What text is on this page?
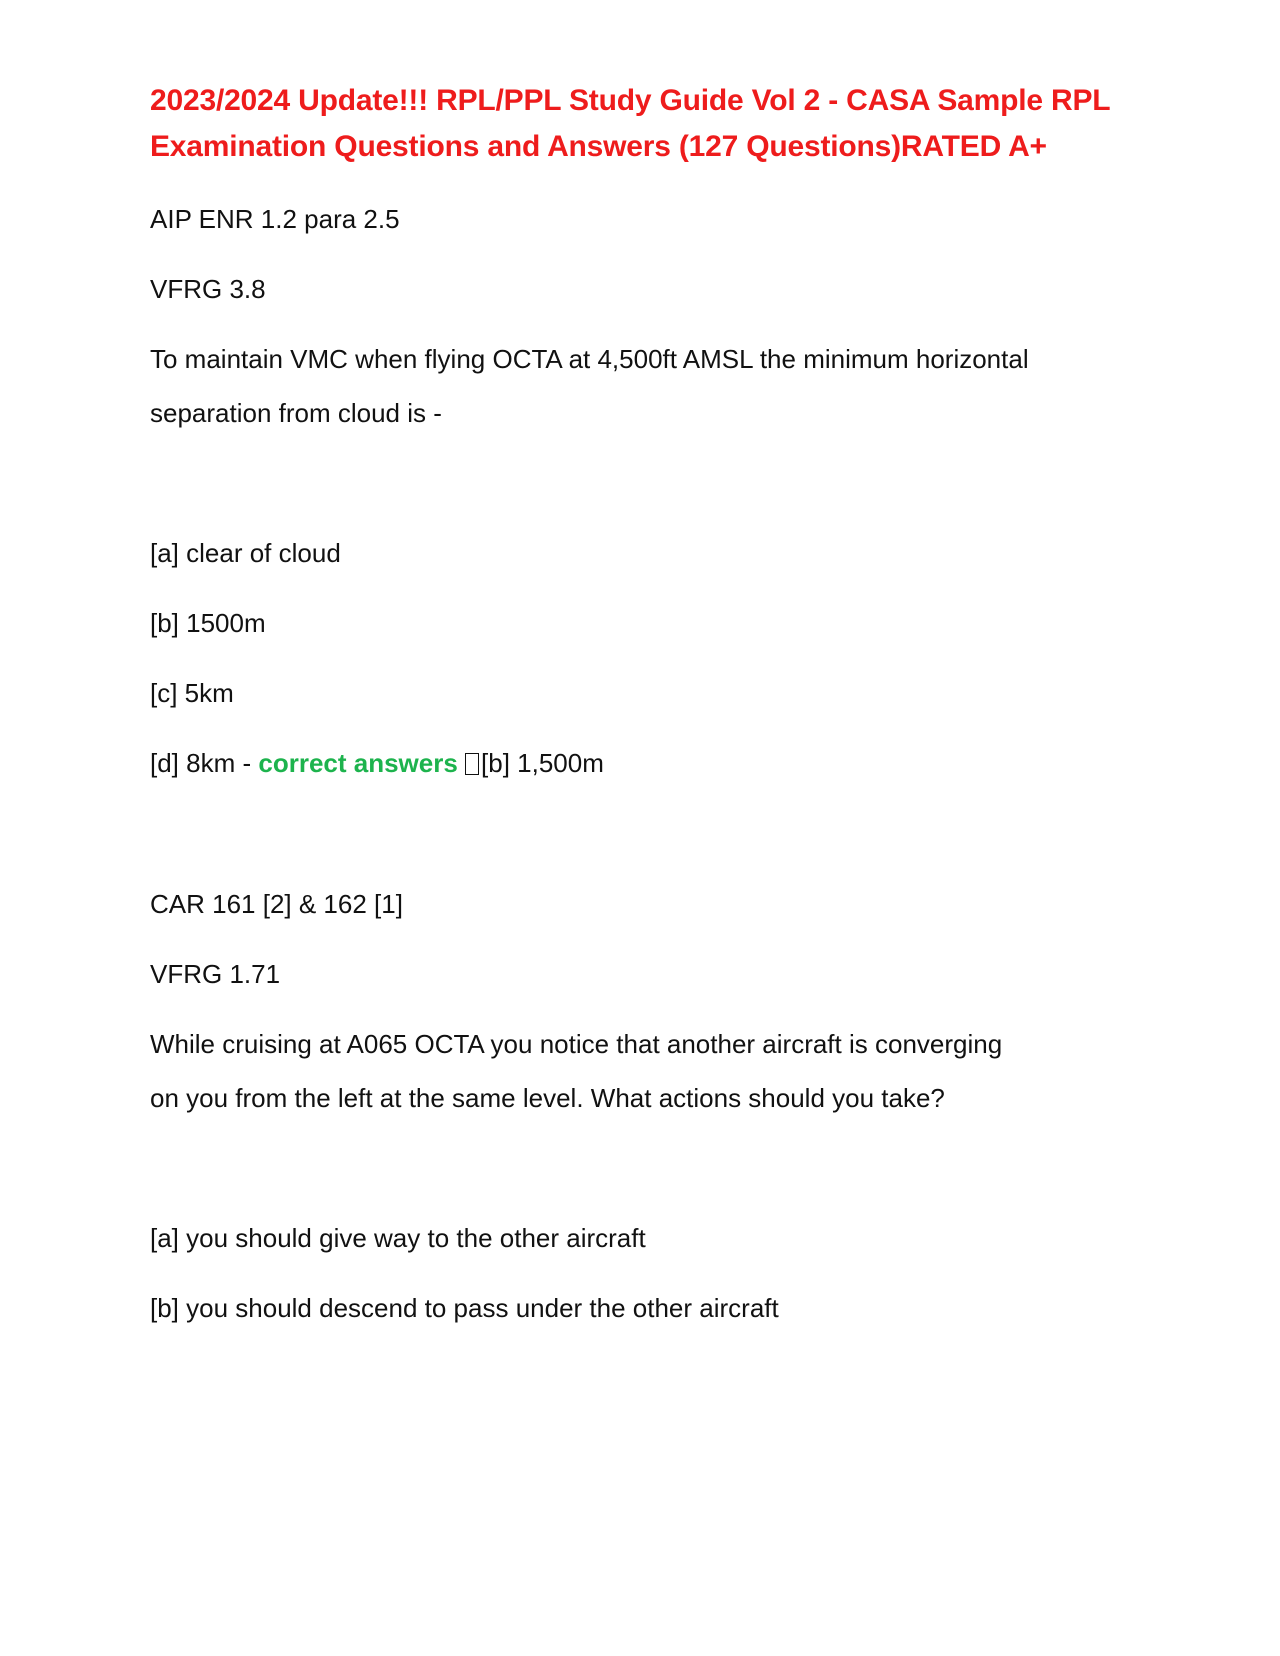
2023/2024 Update!!! RPL/PPL Study Guide Vol 2 - CASA Sample RPL Examination Questions and Answers (127 Questions)RATED A+

AIP ENR 1.2 para 2.5

VFRG 3.8

To maintain VMC when flying OCTA at 4,500ft AMSL the minimum horizontal

separation from cloud is -

[a] clear of cloud

[b] 1500m

[c] 5km

[d] 8km - correct answers [b] 1,500m

CAR 161 [2] & 162 [1]

VFRG 1.71

While cruising at A065 OCTA you notice that another aircraft is converging

on you from the left at the same level. What actions should you take?

[a] you should give way to the other aircraft

[b] you should descend to pass under the other aircraft
